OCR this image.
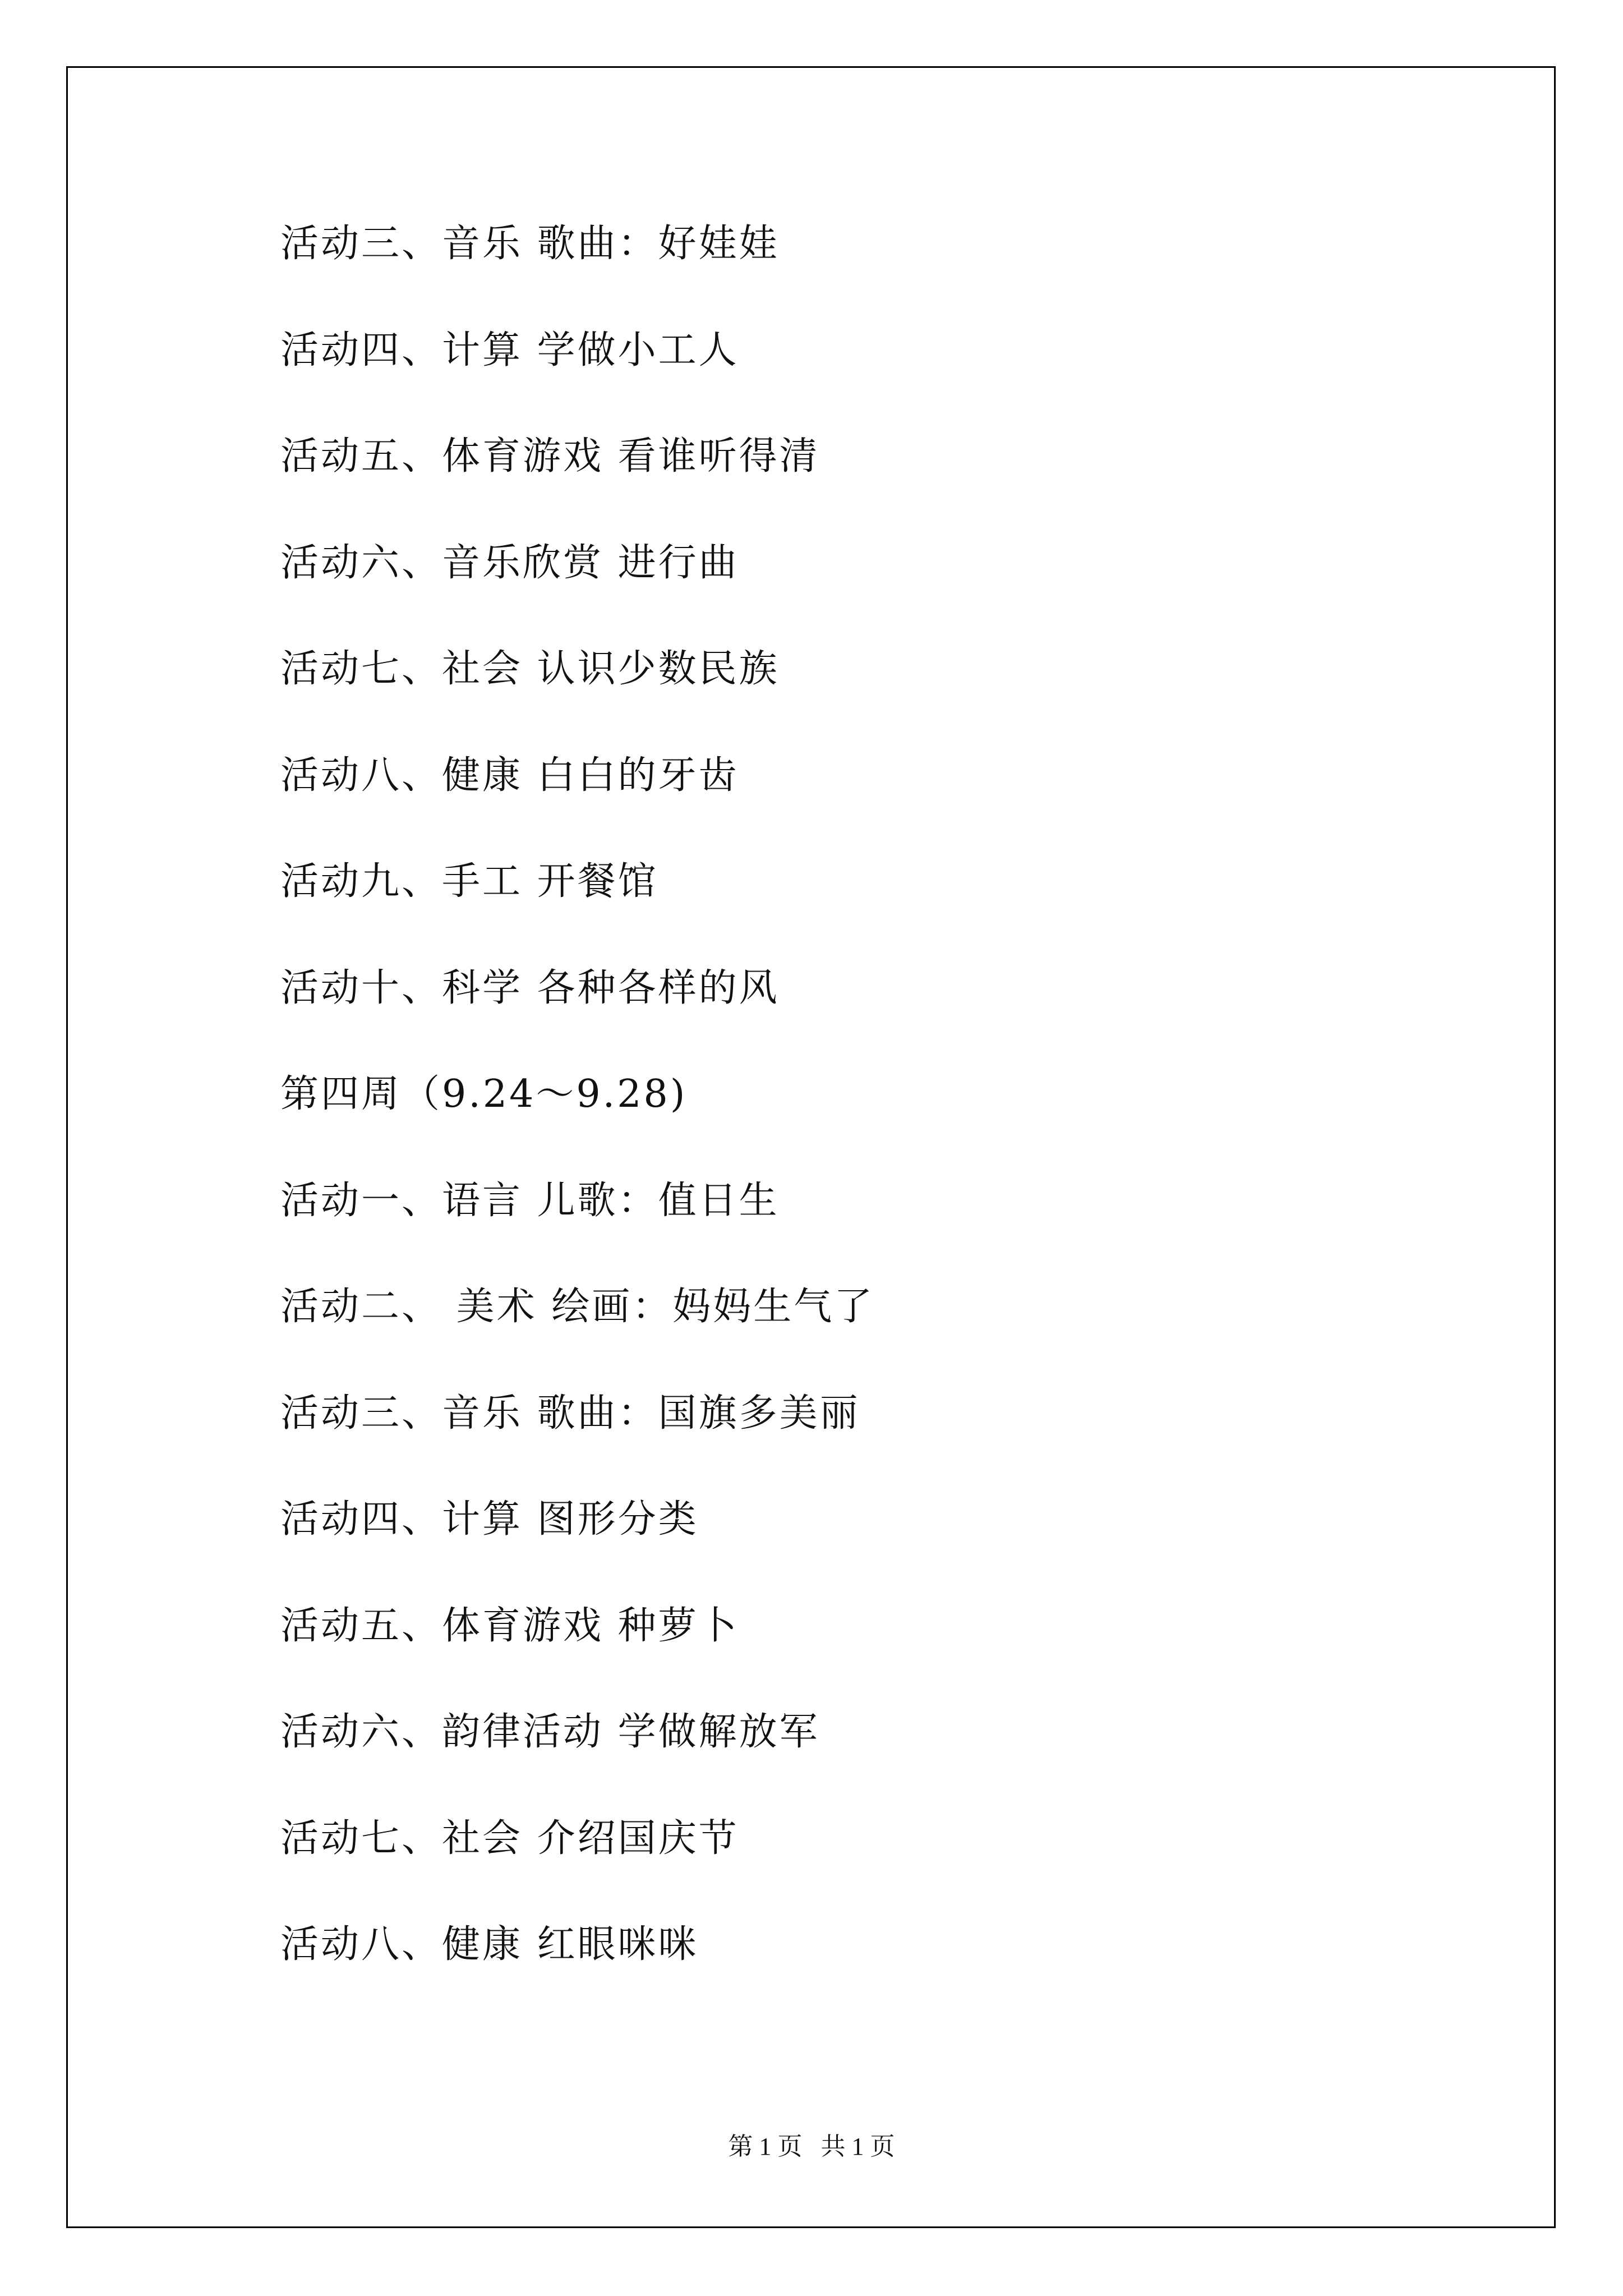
活动三、音乐 歌曲：好娃娃
活动四、计算 学做小工人
活动五、体育游戏 看谁听得清
活动六、音乐欣赏 进行曲
活动七、社会 认识少数民族
活动八、健康 白白的牙齿
活动九、手工 开餐馆
活动十、科学 各种各样的风
第四周（9.24～9.28)
活动一、语言 儿歌：值日生
活动二、 美术 绘画：妈妈生气了
活动三、音乐 歌曲：国旗多美丽
活动四、计算 图形分类
活动五、体育游戏 种萝卜
活动六、韵律活动 学做解放军
活动七、社会 介绍国庆节
活动八、健康 红眼咪咪
第 1 页   共 1 页
